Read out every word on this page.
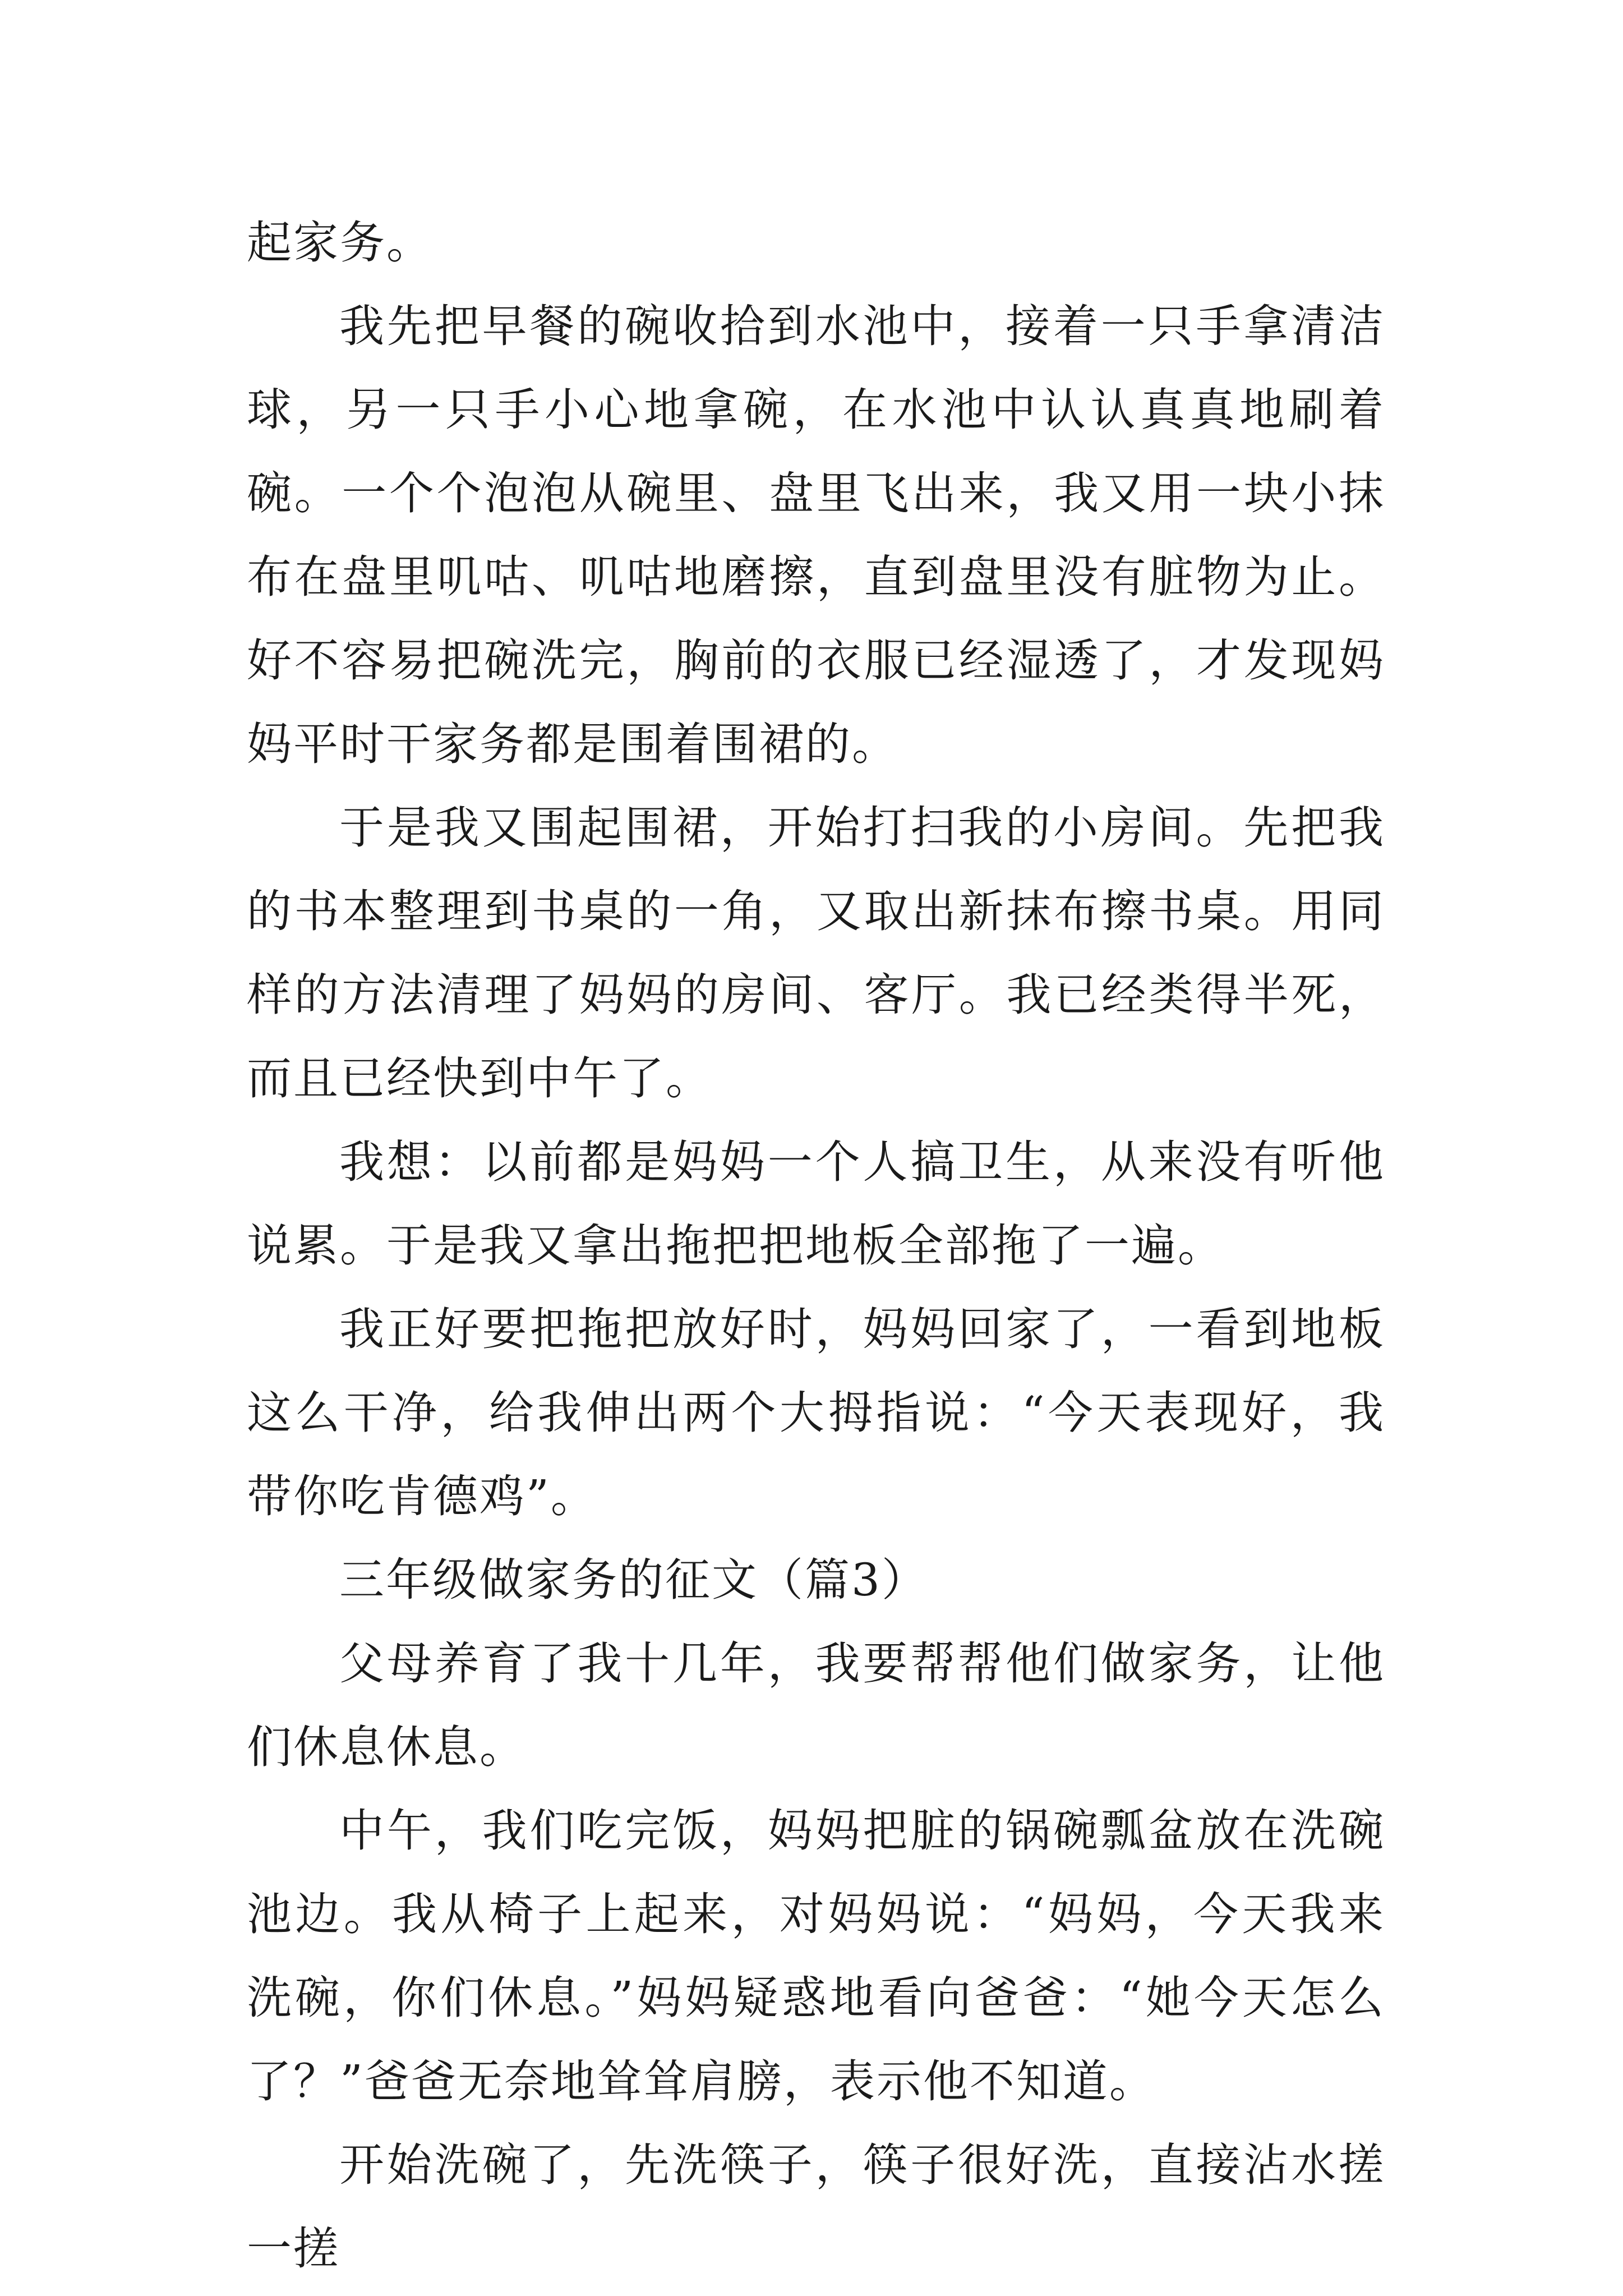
起家务。

我先把早餐的碗收拾到水池中，接着一只手拿清洁球，另一只手小心地拿碗，在水池中认认真真地刷着碗。一个个泡泡从碗里、盘里飞出来，我又用一块小抹布在盘里叽咕、叽咕地磨擦，直到盘里没有脏物为止。好不容易把碗洗完，胸前的衣服已经湿透了，才发现妈妈平时干家务都是围着围裙的。

于是我又围起围裙，开始打扫我的小房间。先把我的书本整理到书桌的一角，又取出新抹布擦书桌。用同样的方法清理了妈妈的房间、客厅。我已经类得半死，而且已经快到中午了。

我想：以前都是妈妈一个人搞卫生，从来没有听他说累。于是我又拿出拖把把地板全部拖了一遍。

我正好要把拖把放好时，妈妈回家了，一看到地板这么干净，给我伸出两个大拇指说：“今天表现好，我带你吃肯德鸡”。

三年级做家务的征文（篇3）

父母养育了我十几年，我要帮帮他们做家务，让他们休息休息。

中午，我们吃完饭，妈妈把脏的锅碗瓢盆放在洗碗池边。我从椅子上起来，对妈妈说：“妈妈，今天我来洗碗，你们休息。”妈妈疑惑地看向爸爸：“她今天怎么了？”爸爸无奈地耸耸肩膀，表示他不知道。

开始洗碗了，先洗筷子，筷子很好洗，直接沾水搓一搓
